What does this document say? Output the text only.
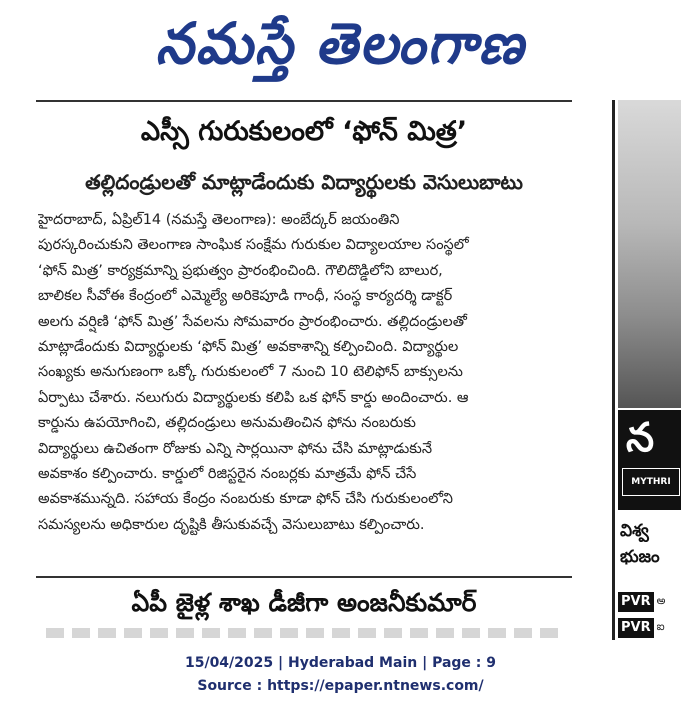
నమస్తే తెలంగాణ
ఎస్సీ గురుకులంలో ‘ఫోన్ మిత్ర’
తల్లిదండ్రులతో మాట్లాడేందుకు విద్యార్థులకు వెసులుబాటు
హైదరాబాద్, ఏప్రిల్14 (నమస్తే తెలంగాణ): అంబేద్కర్ జయంతిని
పురస్కరించుకుని తెలంగాణ సాంఘిక సంక్షేమ గురుకుల విద్యాలయాల సంస్థలో
‘ఫోన్ మిత్ర’ కార్యక్రమాన్ని ప్రభుత్వం ప్రారంభించింది. గౌలిదొడ్డిలోని బాలుర,
బాలికల సీవోఈ కేంద్రంలో ఎమ్మెల్యే అరికెపూడి గాంధీ, సంస్థ కార్యదర్శి డాక్టర్
అలగు వర్షిణి ‘ఫోన్ మిత్ర’ సేవలను సోమవారం ప్రారంభించారు. తల్లిదండ్రులతో
మాట్లాడేందుకు విద్యార్థులకు ‘ఫోన్ మిత్ర’ అవకాశాన్ని కల్పించింది. విద్యార్థుల
సంఖ్యకు అనుగుణంగా ఒక్కో గురుకులంలో 7 నుంచి 10 టెలిఫోన్ బాక్సులను
ఏర్పాటు చేశారు. నలుగురు విద్యార్థులకు కలిపి ఒక ఫోన్ కార్డు అందించారు. ఆ
కార్డును ఉపయోగించి, తల్లిదండ్రులు అనుమతించిన ఫోను నంబరుకు
విద్యార్థులు ఉచితంగా రోజుకు ఎన్ని సార్లయినా ఫోను చేసి మాట్లాడుకునే
అవకాశం కల్పించారు. కార్డులో రిజిస్టరైన నంబర్లకు మాత్రమే ఫోన్ చేసే
అవకాశమున్నది. సహాయ కేంద్రం నంబరుకు కూడా ఫోన్ చేసి గురుకులంలోని
సమస్యలను అధికారుల దృష్టికి తీసుకువచ్చే వెసులుబాటు కల్పించారు.
ఏపీ జైళ్ల శాఖ డీజీగా అంజనీకుమార్
న
MYTHRI
విశ్వ
భుజం
PVR అ
PVR ఐ
15/04/2025 | Hyderabad Main | Page : 9
Source : https://epaper.ntnews.com/
